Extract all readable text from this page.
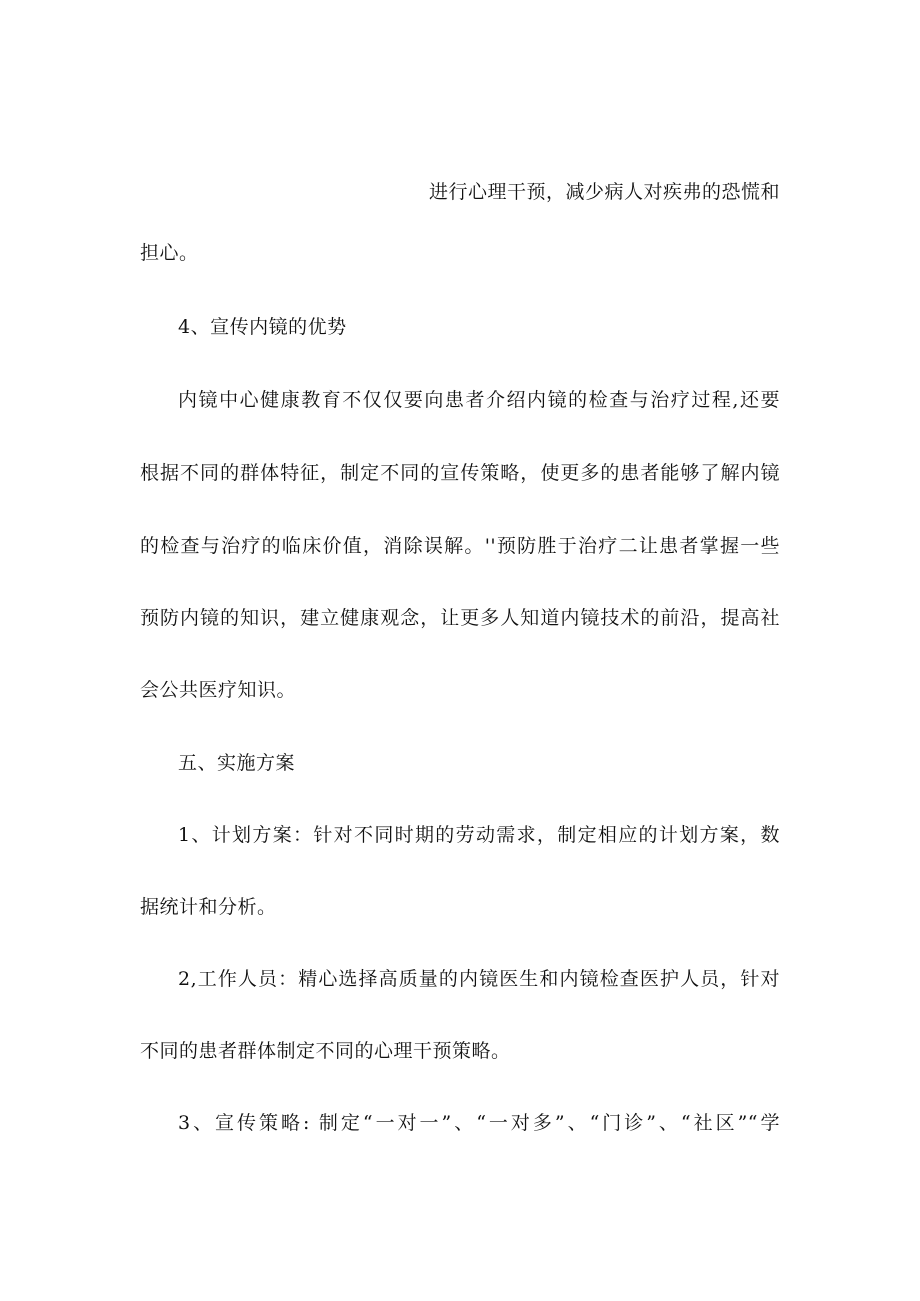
进行心理干预，减少病人对疾弗的恐慌和
担心。
4、宣传内镜的优势
内镜中心健康教育不仅仅要向患者介绍内镜的检查与治疗过程,还要
根据不同的群体特征，制定不同的宣传策略，使更多的患者能够了解内镜
的检查与治疗的临床价值，消除误解。''预防胜于治疗二让患者掌握一些
预防内镜的知识，建立健康观念，让更多人知道内镜技术的前沿，提高社
会公共医疗知识。
五、实施方案
1、计划方案：针对不同时期的劳动需求，制定相应的计划方案，数
据统计和分析。
2,工作人员：精心选择高质量的内镜医生和内镜检查医护人员，针对
不同的患者群体制定不同的心理干预策略。
3、宣传策略: 制定“一对一”、“一对多”、“门诊”、“社区”“学
